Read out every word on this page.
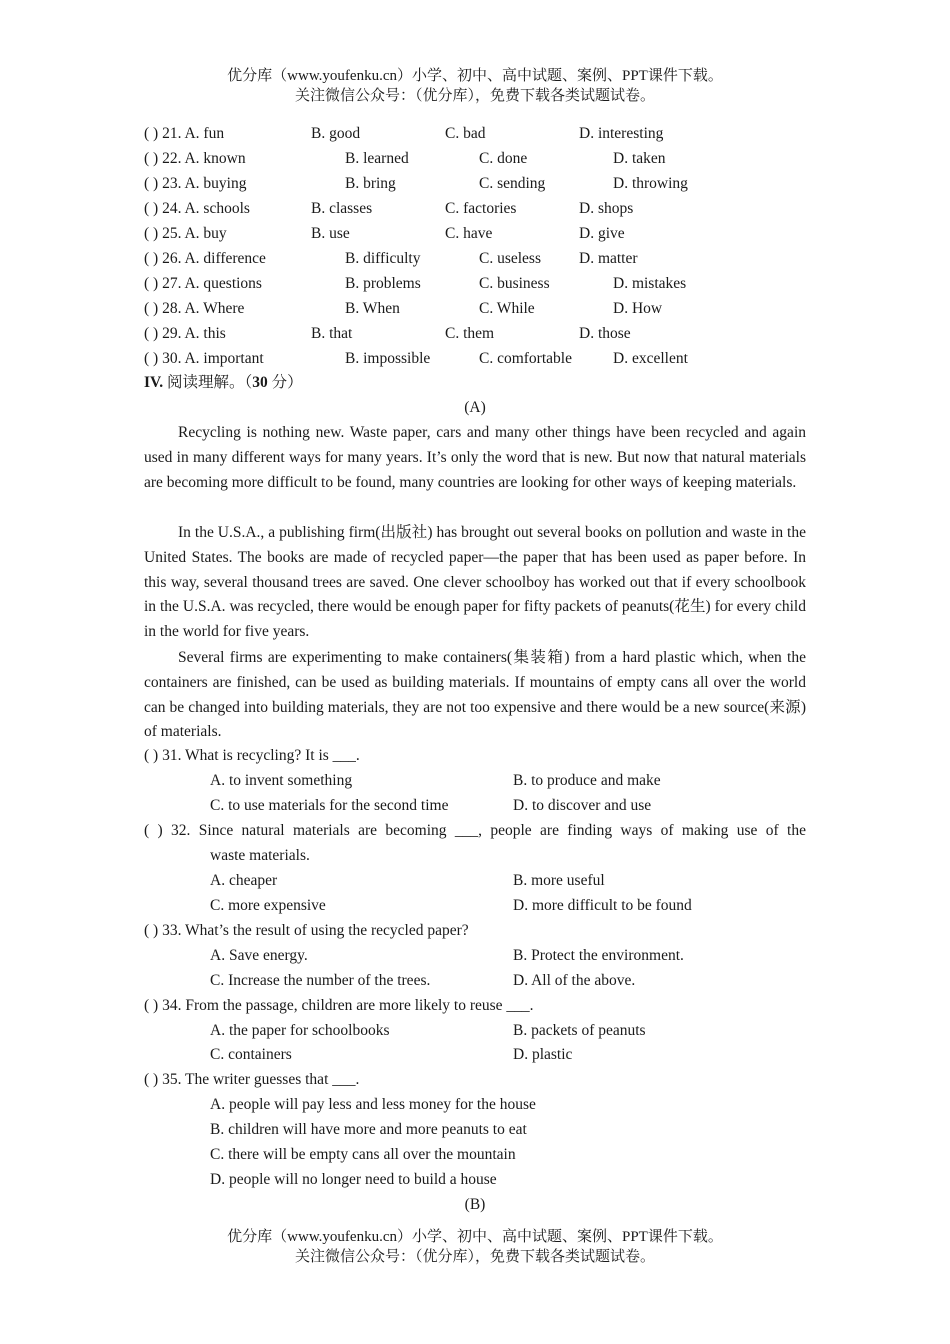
优分库（www.youfenku.cn）小学、初中、高中试题、案例、PPT课件下载。
关注微信公众号：（优分库），免费下载各类试题试卷。
( ) 21. A. fun	B. good	C. bad	D. interesting
( ) 22. A. known	B. learned	C. done	D. taken
( ) 23. A. buying	B. bring	C. sending	D. throwing
( ) 24. A. schools	B. classes	C. factories	D. shops
( ) 25. A. buy	B. use	C. have	D. give
( ) 26. A. difference	B. difficulty	C. useless D. matter
( ) 27. A. questions	B. problems	C. business	D. mistakes
( ) 28. A. Where	B. When	C. While	D. How
( ) 29. A. this	B. that	C. them	D. those
( ) 30. A. important	B. impossible	C. comfortable	D. excellent
IV. 阅读理解。（30 分）
(A)
Recycling is nothing new. Waste paper, cars and many other things have been recycled and again used in many different ways for many years. It’s only the word that is new. But now that natural materials are becoming more difficult to be found, many countries are looking for other ways of keeping materials.
In the U.S.A., a publishing firm(出版社) has brought out several books on pollution and waste in the United States. The books are made of recycled paper—the paper that has been used as paper before. In this way, several thousand trees are saved. One clever schoolboy has worked out that if every schoolbook in the U.S.A. was recycled, there would be enough paper for fifty packets of peanuts(花生) for every child in the world for five years.
Several firms are experimenting to make containers(集装箱) from a hard plastic which, when the containers are finished, can be used as building materials. If mountains of empty cans all over the world can be changed into building materials, they are not too expensive and there would be a new source(来源) of materials.
( ) 31. What is recycling? It is ___.
A. to invent something	B. to produce and make
C. to use materials for the second time	D. to discover and use
( ) 32. Since natural materials are becoming ___, people are finding ways of making use of the
waste materials.
A. cheaper	B. more useful
C. more expensive	D. more difficult to be found
( ) 33. What’s the result of using the recycled paper?
A. Save energy.	B. Protect the environment.
C. Increase the number of the trees.	D. All of the above.
( ) 34. From the passage, children are more likely to reuse ___.
A. the paper for schoolbooks	B. packets of peanuts
C. containers	D. plastic
( ) 35. The writer guesses that ___.
A. people will pay less and less money for the house
B. children will have more and more peanuts to eat
C. there will be empty cans all over the mountain
D. people will no longer need to build a house
(B)
优分库（www.youfenku.cn）小学、初中、高中试题、案例、PPT课件下载。
关注微信公众号：（优分库），免费下载各类试题试卷。
